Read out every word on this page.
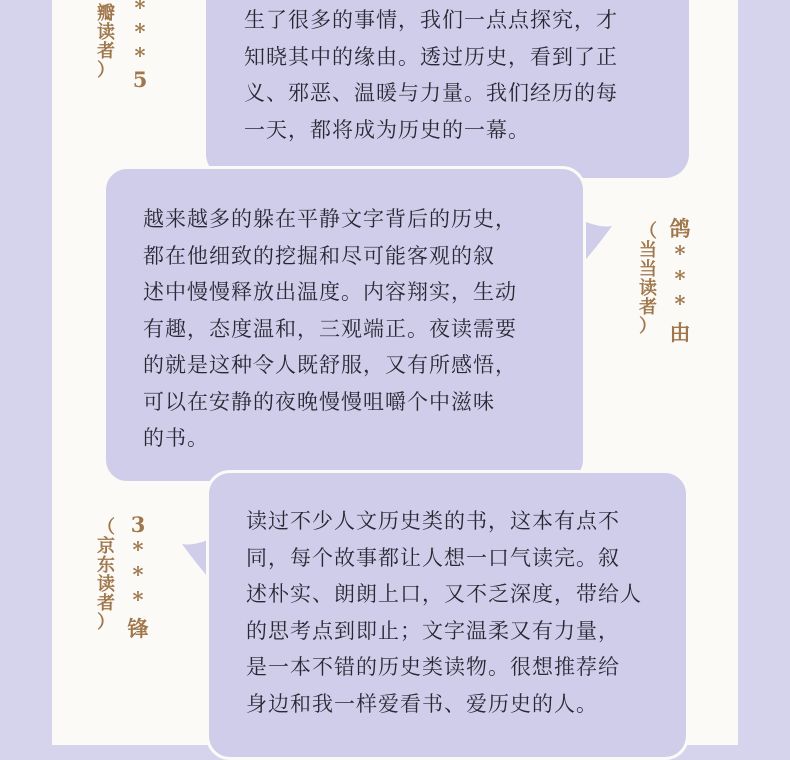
生了很多的事情，我们一点点探究，才
知晓其中的缘由。透过历史，看到了正
义、邪恶、温暖与力量。我们经历的每
一天，都将成为历史的一幕。
瓣
读
者
）
*
*
*
5
越来越多的躲在平静文字背后的历史，
都在他细致的挖掘和尽可能客观的叙
述中慢慢释放出温度。内容翔实，生动
有趣，态度温和，三观端正。夜读需要
的就是这种令人既舒服，又有所感悟，
可以在安静的夜晚慢慢咀嚼个中滋味
的书。
（
当
当
读
者
）
鸽
*
*
*
由
读过不少人文历史类的书，这本有点不
同，每个故事都让人想一口气读完。叙
述朴实、朗朗上口，又不乏深度，带给人
的思考点到即止；文字温柔又有力量，
是一本不错的历史类读物。很想推荐给
身边和我一样爱看书、爱历史的人。
（
京
东
读
者
）
3
*
*
*
锋
